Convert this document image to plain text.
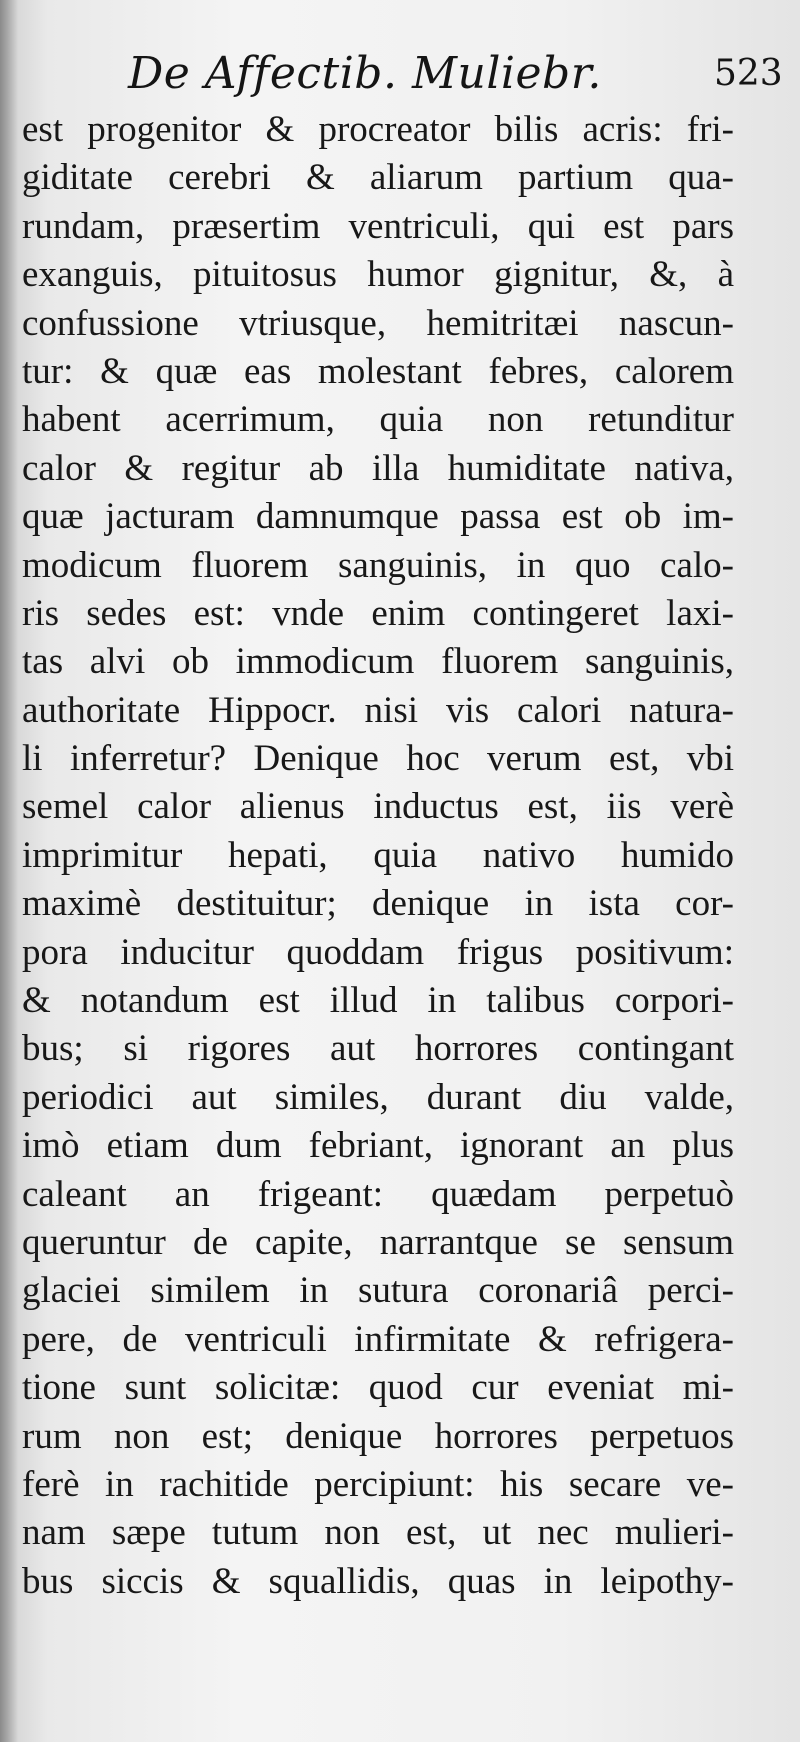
De Affectib. Muliebr.	523
est progenitor & procreator bilis acris: fri-
giditate cerebri & aliarum partium qua-
rundam, præsertim ventriculi, qui est pars
exanguis, pituitosus humor gignitur, &, à
confussione vtriusque, hemitritæi nascun-
tur: & quæ eas molestant febres, calorem
habent acerrimum, quia non retunditur
calor & regitur ab illa humiditate nativa,
quæ jacturam damnumque passa est ob im-
modicum fluorem sanguinis, in quo calo-
ris sedes est: vnde enim contingeret laxi-
tas alvi ob immodicum fluorem sanguinis,
authoritate Hippocr. nisi vis calori natura-
li inferretur? Denique hoc verum est, vbi
semel calor alienus inductus est, iis verè
imprimitur hepati, quia nativo humido
maximè destituitur; denique in ista cor-
pora inducitur quoddam frigus positivum:
& notandum est illud in talibus corpori-
bus; si rigores aut horrores contingant
periodici aut similes, durant diu valde,
imò etiam dum febriant, ignorant an plus
caleant an frigeant: quædam perpetuò
queruntur de capite, narrantque se sensum
glaciei similem in sutura coronariâ perci-
pere, de ventriculi infirmitate & refrigera-
tione sunt solicitæ: quod cur eveniat mi-
rum non est; denique horrores perpetuos
ferè in rachitide percipiunt: his secare ve-
nam sæpe tutum non est, ut nec mulieri-
bus siccis & squallidis, quas in leipothy-
